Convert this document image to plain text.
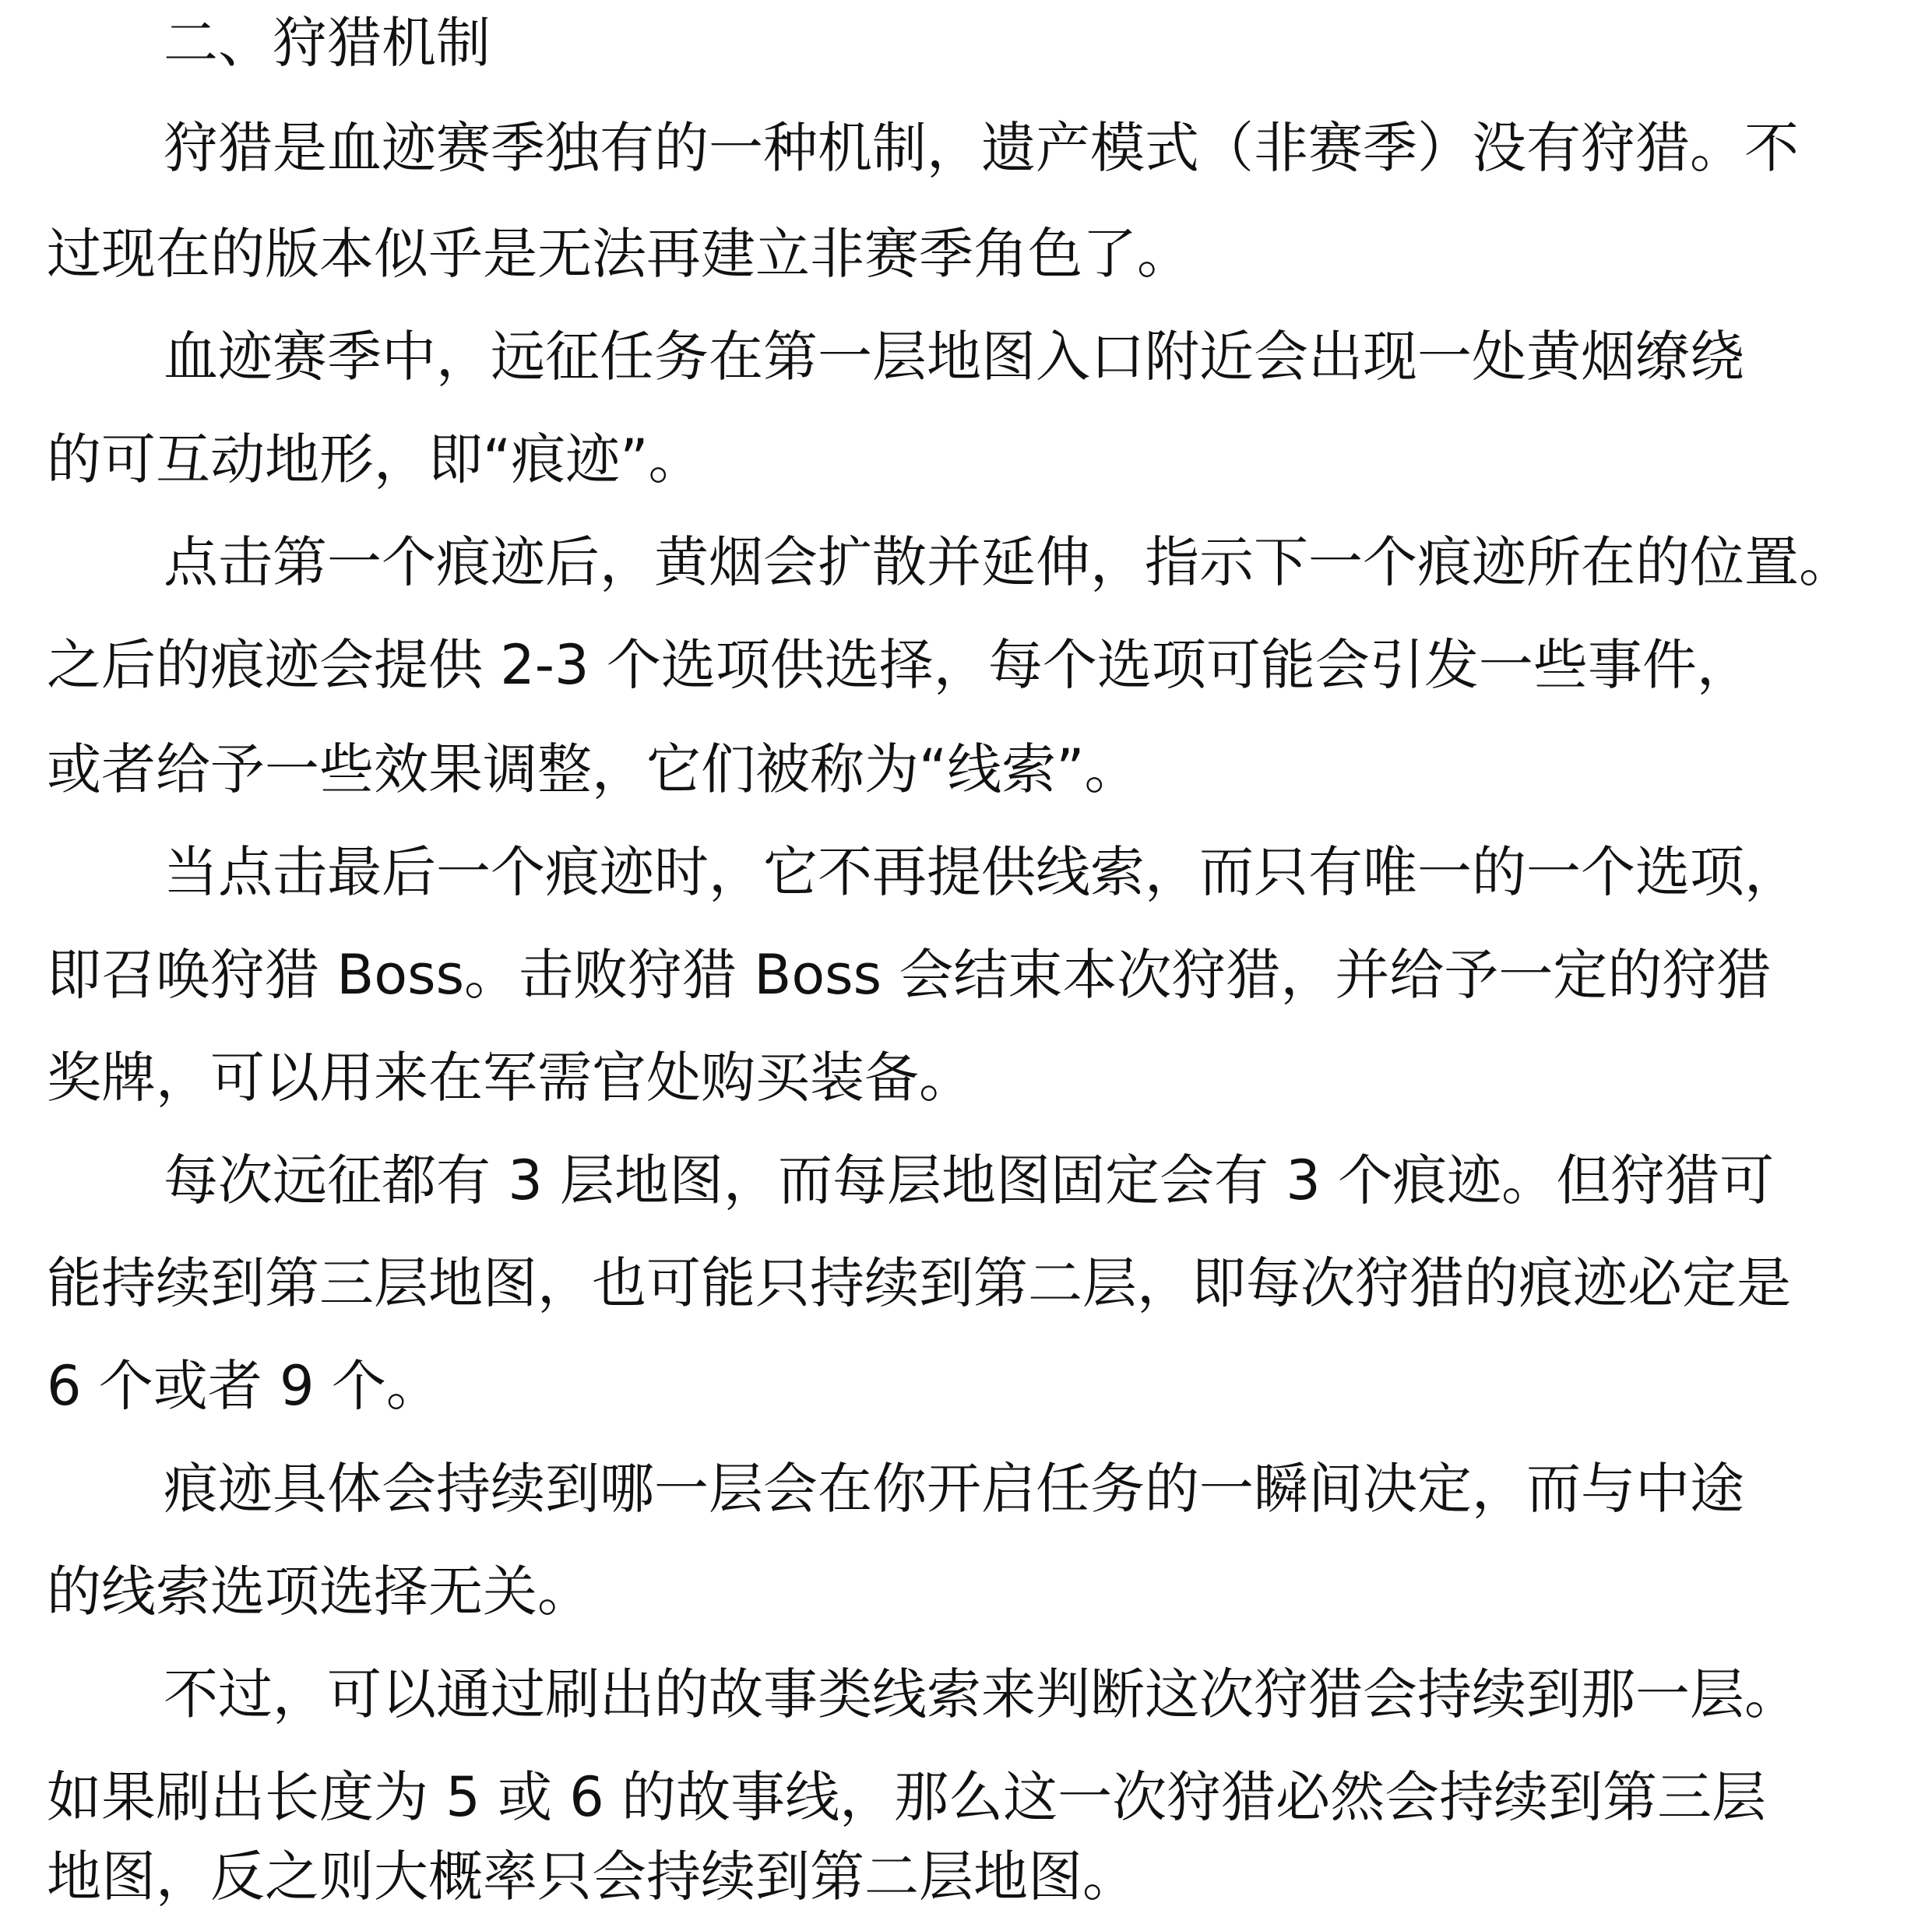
二、狩猎机制
狩猎是血迹赛季独有的一种机制，遗产模式（非赛季）没有狩猎。不
过现在的版本似乎是无法再建立非赛季角色了。
血迹赛季中，远征任务在第一层地图入口附近会出现一处黄烟缭绕
的可互动地形，即“痕迹”。
点击第一个痕迹后，黄烟会扩散并延伸，指示下一个痕迹所在的位置。
之后的痕迹会提供 2-3 个选项供选择，每个选项可能会引发一些事件，
或者给予一些效果调整，它们被称为“线索”。
当点击最后一个痕迹时，它不再提供线索，而只有唯一的一个选项，
即召唤狩猎 Boss。击败狩猎 Boss 会结束本次狩猎，并给予一定的狩猎
奖牌，可以用来在军需官处购买装备。
每次远征都有 3 层地图，而每层地图固定会有 3 个痕迹。但狩猎可
能持续到第三层地图，也可能只持续到第二层，即每次狩猎的痕迹必定是
6 个或者 9 个。
痕迹具体会持续到哪一层会在你开启任务的一瞬间决定，而与中途
的线索选项选择无关。
不过，可以通过刷出的故事类线索来判断这次狩猎会持续到那一层。
如果刷出长度为 5 或 6 的故事线，那么这一次狩猎必然会持续到第三层
地图，反之则大概率只会持续到第二层地图。
